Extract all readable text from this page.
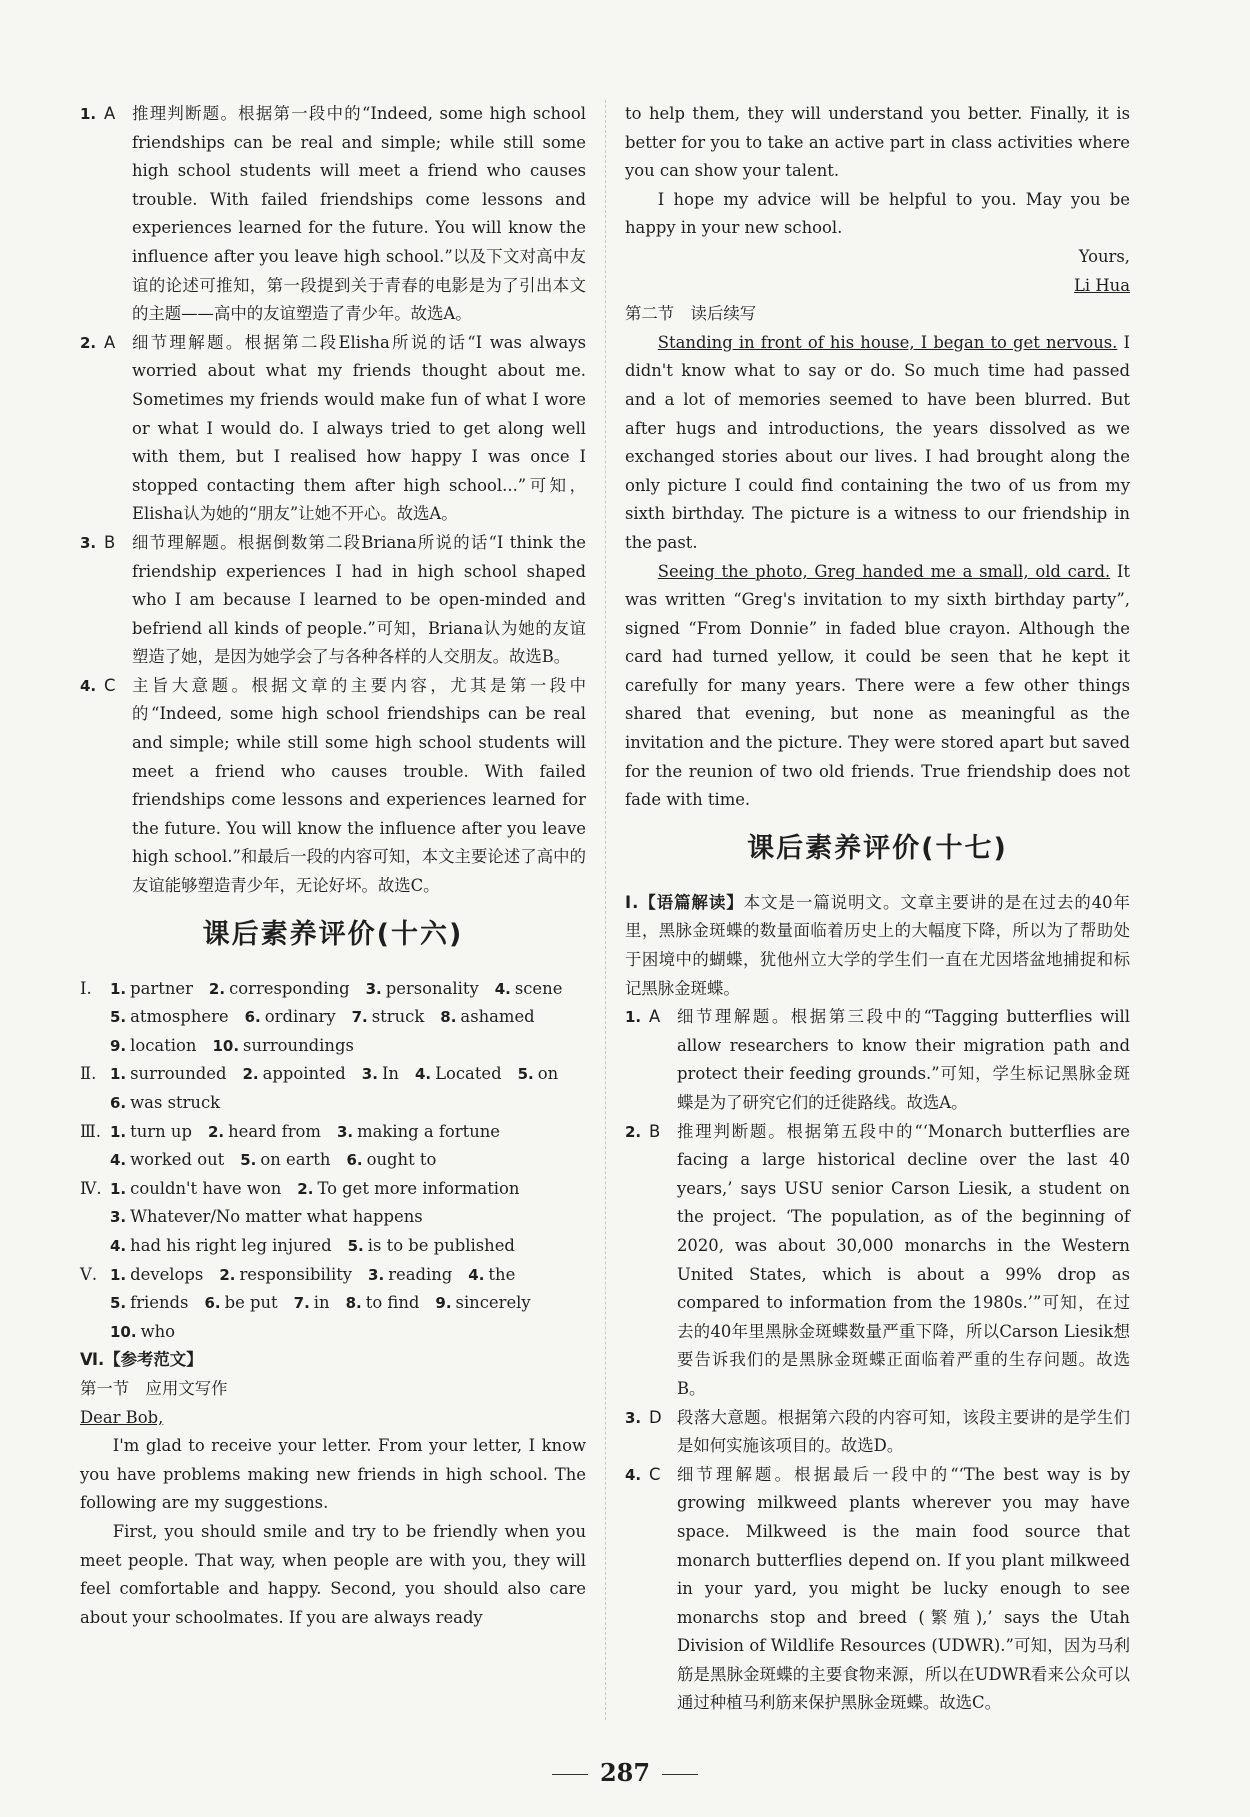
1. A	推理判断题。根据第一段中的“Indeed, some high school friendships can be real and simple; while still some high school students will meet a friend who causes trouble. With failed friendships come lessons and experiences learned for the future. You will know the influence after you leave high school.”以及下文对高中友谊的论述可推知，第一段提到关于青春的电影是为了引出本文的主题——高中的友谊塑造了青少年。故选A。
2. A	细节理解题。根据第二段Elisha所说的话“I was always worried about what my friends thought about me. Sometimes my friends would make fun of what I wore or what I would do. I always tried to get along well with them, but I realised how happy I was once I stopped contacting them after high school...”可知，Elisha认为她的“朋友”让她不开心。故选A。
3. B	细节理解题。根据倒数第二段Briana所说的话“I think the friendship experiences I had in high school shaped who I am because I learned to be open-minded and befriend all kinds of people.”可知，Briana认为她的友谊塑造了她，是因为她学会了与各种各样的人交朋友。故选B。
4. C	主旨大意题。根据文章的主要内容，尤其是第一段中的“Indeed, some high school friendships can be real and simple; while still some high school students will meet a friend who causes trouble. With failed friendships come lessons and experiences learned for the future. You will know the influence after you leave high school.”和最后一段的内容可知，本文主要论述了高中的友谊能够塑造青少年，无论好坏。故选C。
课后素养评价(十六)
Ⅰ.	1. partner 2. corresponding 3. personality 4. scene
5. atmosphere 6. ordinary 7. struck 8. ashamed
9. location 10. surroundings
Ⅱ. 1. surrounded 2. appointed 3. In 4. Located 5. on
6. was struck
Ⅲ. 1. turn up 2. heard from 3. making a fortune
4. worked out 5. on earth 6. ought to
Ⅳ. 1. couldn't have won 2. To get more information
3. Whatever/No matter what happens
4. had his right leg injured 5. is to be published
Ⅴ. 1. develops 2. responsibility 3. reading 4. the
5. friends 6. be put 7. in 8. to find 9. sincerely
10. who

Ⅵ.【参考范文】

第一节　应用文写作

Dear Bob,

I'm glad to receive your letter. From your letter, I know you have problems making new friends in high school. The following are my suggestions.

First, you should smile and try to be friendly when you meet people. That way, when people are with you, they will feel comfortable and happy. Second, you should also care about your schoolmates. If you are always ready

to help them, they will understand you better. Finally, it is better for you to take an active part in class activities where you can show your talent.

I hope my advice will be helpful to you. May you be happy in your new school.

Yours,

Li Hua

第二节　读后续写

Standing in front of his house, I began to get nervous. I didn't know what to say or do. So much time had passed and a lot of memories seemed to have been blurred. But after hugs and introductions, the years dissolved as we exchanged stories about our lives. I had brought along the only picture I could find containing the two of us from my sixth birthday. The picture is a witness to our friendship in the past.

Seeing the photo, Greg handed me a small, old card. It was written “Greg's invitation to my sixth birthday party”, signed “From Donnie” in faded blue crayon. Although the card had turned yellow, it could be seen that he kept it carefully for many years. There were a few other things shared that evening, but none as meaningful as the invitation and the picture. They were stored apart but saved for the reunion of two old friends. True friendship does not fade with time.

课后素养评价(十七)

Ⅰ.【语篇解读】本文是一篇说明文。文章主要讲的是在过去的40年里，黑脉金斑蝶的数量面临着历史上的大幅度下降，所以为了帮助处于困境中的蝴蝶，犹他州立大学的学生们一直在尤因塔盆地捕捉和标记黑脉金斑蝶。

1. A	细节理解题。根据第三段中的“Tagging butterflies will allow researchers to know their migration path and protect their feeding grounds.”可知，学生标记黑脉金斑蝶是为了研究它们的迁徙路线。故选A。
2. B	推理判断题。根据第五段中的“‘Monarch butterflies are facing a large historical decline over the last 40 years,’ says USU senior Carson Liesik, a student on the project. ‘The population, as of the beginning of 2020, was about 30,000 monarchs in the Western United States, which is about a 99% drop as compared to information from the 1980s.’”可知，在过去的40年里黑脉金斑蝶数量严重下降，所以Carson Liesik想要告诉我们的是黑脉金斑蝶正面临着严重的生存问题。故选B。
3. D 段落大意题。根据第六段的内容可知，该段主要讲的是学生们是如何实施该项目的。故选D。
4. C	细节理解题。根据最后一段中的“‘The best way is by growing milkweed plants wherever you may have space. Milkweed is the main food source that monarch butterflies depend on. If you plant milkweed in your yard, you might be lucky enough to see monarchs stop and breed (繁殖),’ says the Utah Division of Wildlife Resources (UDWR).”可知，因为马利筋是黑脉金斑蝶的主要食物来源，所以在UDWR看来公众可以通过种植马利筋来保护黑脉金斑蝶。故选C。
287
